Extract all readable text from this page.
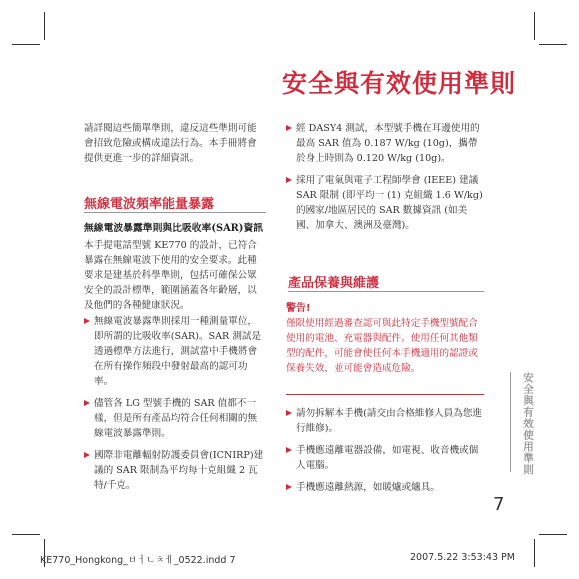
安全與有效使用準則

請詳閱這些簡單準則，違反這些準則可能會招致危險或構成違法行為。本手冊將會提供更進一步的詳細資訊。

無線電波頻率能量暴露
無線電波暴露準則與比吸收率(SAR)資訊

本手提電話型號 KE770 的設計，已符合暴露在無線電波下使用的安全要求。此種要求是建基於科學準則，包括可確保公眾安全的設計標準，範圍涵蓋各年齡層，以及他們的各種健康狀況。

無線電波暴露準則採用一種測量單位，即所謂的比吸收率(SAR)。SAR 測試是透過標準方法進行，測試當中手機將會在所有操作頻段中發射最高的認可功率。
儘管各 LG 型號手機的 SAR 值都不一樣，但是所有產品均符合任何相關的無線電波暴露準則。
國際非電離輻射防護委員會(ICNIRP)建議的 SAR 限制為平均每十克組織 2 瓦特/千克。
經 DASY4 測試，本型號手機在耳邊使用的最高 SAR 值為 0.187 W/kg (10g)，攜帶於身上時則為 0.120 W/kg (10g)。
採用了電氣與電子工程師學會 (IEEE) 建議 SAR 限制 (即平均一 (1) 克組織 1.6 W/kg) 的國家/地區居民的 SAR 數據資訊 (如美國、加拿大、澳洲及臺灣)。
產品保養與維護
警告!
僅限使用經過審查認可與此特定手機型號配合使用的電池、充電器與配件。使用任何其他類型的配件，可能會使任何本手機適用的認證或保養失效，並可能會造成危險。
請勿拆解本手機(請交由合格維修人員為您進行維修)。
手機應遠離電器設備，如電視、收音機或個人電腦。
手機應遠離熱源，如暖爐或爐具。
安全與有效使用準則
7
KE770_Hongkong_ㅂㅓㄴㅊㅔ_0522.indd 7	2007.5.22 3:53:43 PM
